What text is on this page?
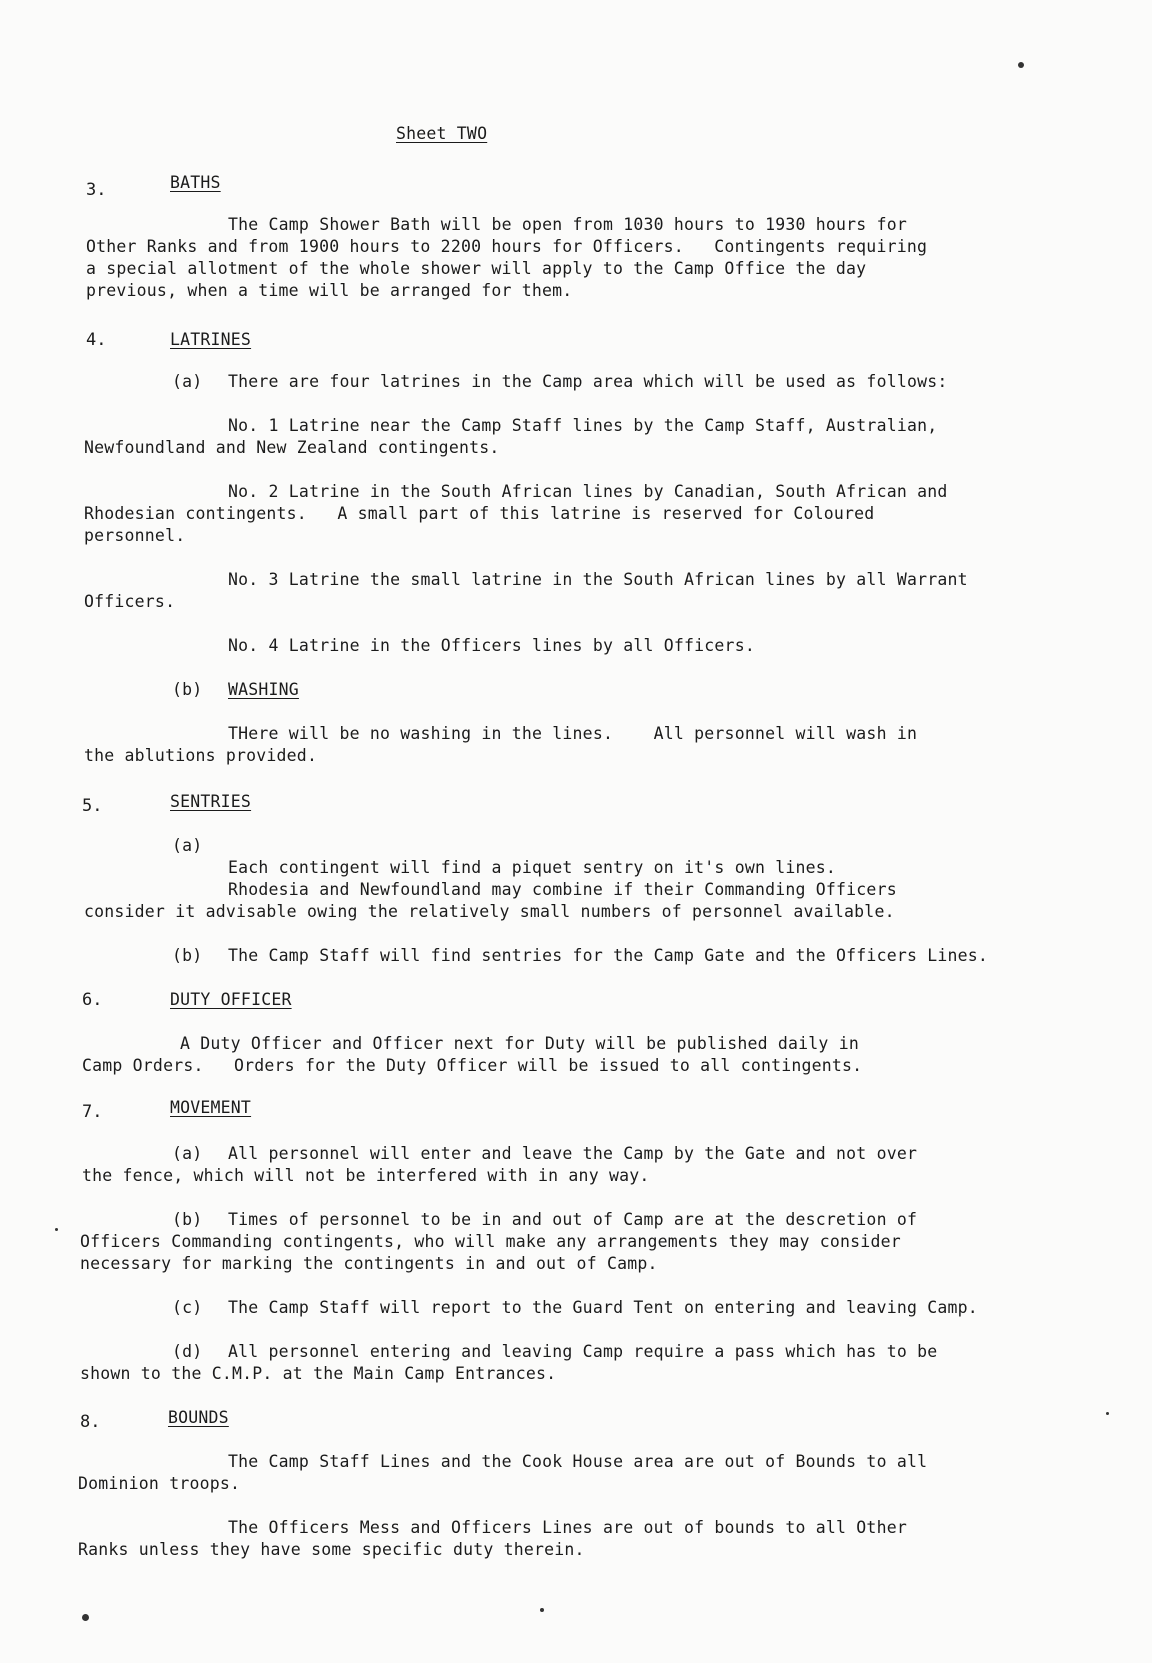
Sheet TWO
3.	BATHS
The Camp Shower Bath will be open from 1030 hours to 1930 hours for
Other Ranks and from 1900 hours to 2200 hours for Officers.   Contingents requiring
a special allotment of the whole shower will apply to the Camp Office the day
previous, when a time will be arranged for them.
4.	LATRINES
(a) There are four latrines in the Camp area which will be used as follows:
No. 1 Latrine near the Camp Staff lines by the Camp Staff, Australian,
Newfoundland and New Zealand contingents.
No. 2 Latrine in the South African lines by Canadian, South African and
Rhodesian contingents.   A small part of this latrine is reserved for Coloured
personnel.
No. 3 Latrine the small latrine in the South African lines by all Warrant
Officers.
No. 4 Latrine in the Officers lines by all Officers.
(b) WASHING
THere will be no washing in the lines.    All personnel will wash in
the ablutions provided.
5.	SENTRIES
(a)
Each contingent will find a piquet sentry on it's own lines.
Rhodesia and Newfoundland may combine if their Commanding Officers
consider it advisable owing the relatively small numbers of personnel available.
(b) The Camp Staff will find sentries for the Camp Gate and the Officers Lines.
6.	DUTY OFFICER
A Duty Officer and Officer next for Duty will be published daily in
Camp Orders.   Orders for the Duty Officer will be issued to all contingents.
7.	MOVEMENT
(a) All personnel will enter and leave the Camp by the Gate and not over
the fence, which will not be interfered with in any way.
(b) Times of personnel to be in and out of Camp are at the descretion of
Officers Commanding contingents, who will make any arrangements they may consider
necessary for marking the contingents in and out of Camp.
(c) The Camp Staff will report to the Guard Tent on entering and leaving Camp.
(d) All personnel entering and leaving Camp require a pass which has to be
shown to the C.M.P. at the Main Camp Entrances.
8.	BOUNDS
The Camp Staff Lines and the Cook House area are out of Bounds to all
Dominion troops.
The Officers Mess and Officers Lines are out of bounds to all Other
Ranks unless they have some specific duty therein.
